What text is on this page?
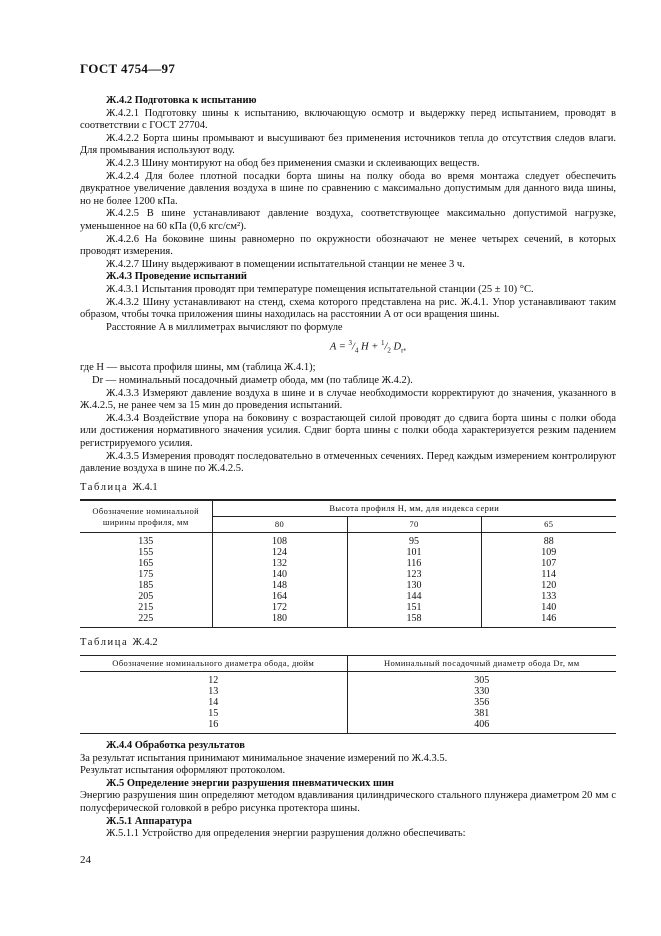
ГОСТ 4754—97

Ж.4.2 Подготовка к испытанию

Ж.4.2.1 Подготовку шины к испытанию, включающую осмотр и выдержку перед испытанием, проводят в соответствии с ГОСТ 27704.

Ж.4.2.2 Борта шины промывают и высушивают без применения источников тепла до отсутствия следов влаги. Для промывания используют воду.

Ж.4.2.3 Шину монтируют на обод без применения смазки и склеивающих веществ.

Ж.4.2.4 Для более плотной посадки борта шины на полку обода во время монтажа следует обеспечить двукратное увеличение давления воздуха в шине по сравнению с максимально допустимым для данного вида шины, но не более 1200 кПа.

Ж.4.2.5 В шине устанавливают давление воздуха, соответствующее максимально допустимой нагрузке, уменьшенное на 60 кПа (0,6 кгс/см²).

Ж.4.2.6 На боковине шины равномерно по окружности обозначают не менее четырех сечений, в которых проводят измерения.

Ж.4.2.7 Шину выдерживают в помещении испытательной станции не менее 3 ч.

Ж.4.3 Проведение испытаний

Ж.4.3.1 Испытания проводят при температуре помещения испытательной станции (25 ± 10) °С.

Ж.4.3.2 Шину устанавливают на стенд, схема которого представлена на рис. Ж.4.1. Упор устанавливают таким образом, чтобы точка приложения шины находилась на расстоянии A от оси вращения шины.

Расстояние A в миллиметрах вычисляют по формуле

$A = ^3/_4$ $H + ^1/_2$ $D_r$,

где H — высота профиля шины, мм (таблица Ж.4.1);

Dr — номинальный посадочный диаметр обода, мм (по таблице Ж.4.2).

Ж.4.3.3 Измеряют давление воздуха в шине и в случае необходимости корректируют до значения, указанного в Ж.4.2.5, не ранее чем за 15 мин до проведения испытаний.

Ж.4.3.4 Воздействие упора на боковину с возрастающей силой проводят до сдвига борта шины с полки обода или достижения нормативного значения усилия. Сдвиг борта шины с полки обода характеризуется резким падением регистрируемого усилия.

Ж.4.3.5 Измерения проводят последовательно в отмеченных сечениях. Перед каждым измерением контролируют давление воздуха в шине по Ж.4.2.5.

Таблица Ж.4.1

Обозначение номинальной ширины профиля, мм	Высота профиля H, мм, для индекса серии		
	80	70	65
135	108	95	88
155	124	101	109
165	132	116	107
175	140	123	114
185	148	130	120
205	164	144	133
215	172	151	140
225	180	158	146

Таблица Ж.4.2

Обозначение номинального диаметра обода, дюйм	Номинальный посадочный диаметр обода Dr, мм
12	305
13	330
14	356
15	381
16	406

Ж.4.4 Обработка результатов

За результат испытания принимают минимальное значение измерений по Ж.4.3.5.

Результат испытания оформляют протоколом.

Ж.5 Определение энергии разрушения пневматических шин

Энергию разрушения шин определяют методом вдавливания цилиндрического стального плунжера диаметром 20 мм с полусферической головкой в ребро рисунка протектора шины.

Ж.5.1 Аппаратура

Ж.5.1.1 Устройство для определения энергии разрушения должно обеспечивать:

24
